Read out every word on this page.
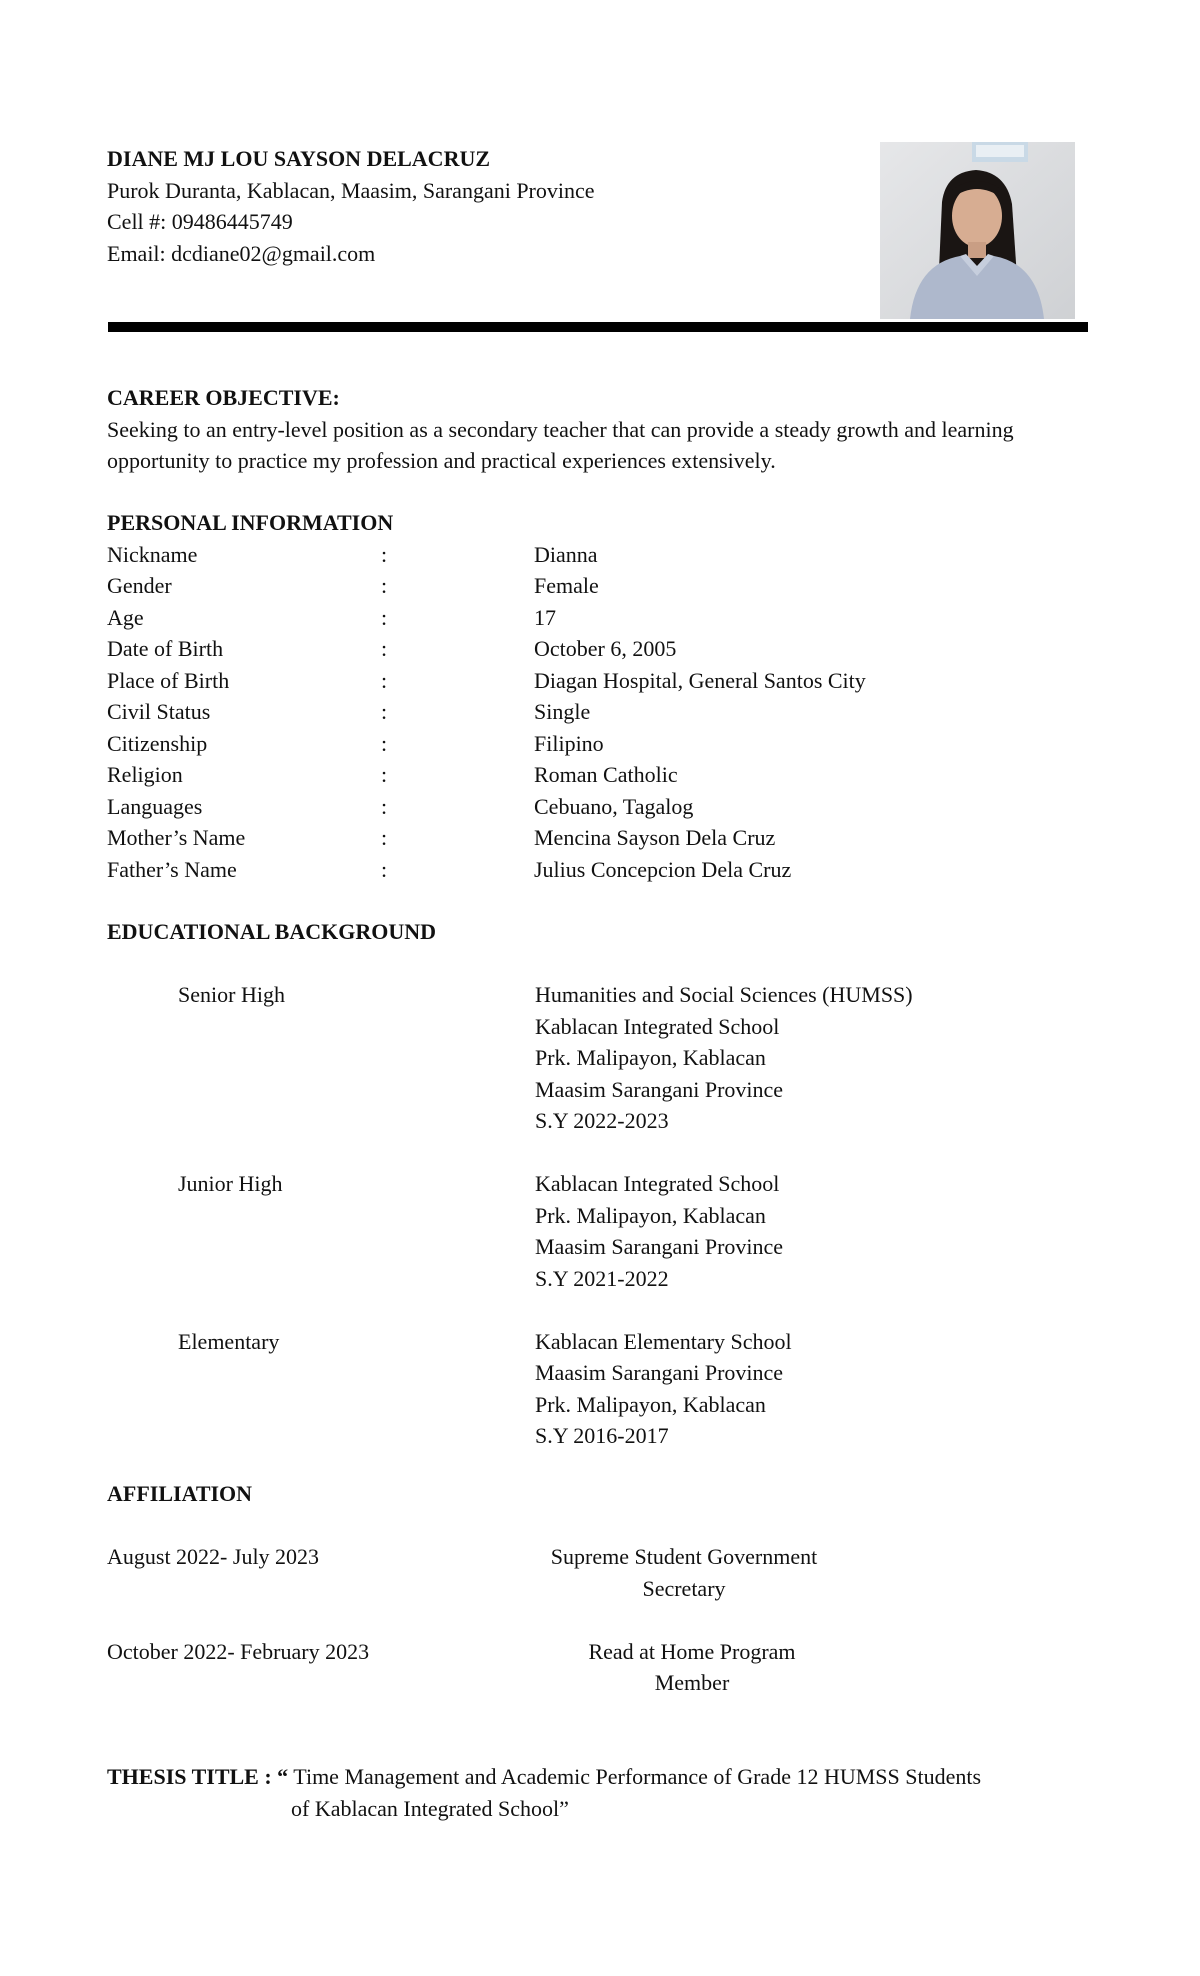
DIANE MJ LOU SAYSON DELACRUZ
Purok Duranta, Kablacan, Maasim, Sarangani Province
Cell #: 09486445749
Email: dcdiane02@gmail.com
CAREER OBJECTIVE:
Seeking to an entry-level position as a secondary teacher that can provide a steady growth and learning opportunity to practice my profession and practical experiences extensively.
PERSONAL INFORMATION
Nickname	:	Dianna
Gender	:	Female
Age	:	17
Date of Birth	:	October 6, 2005
Place of Birth	:	Diagan Hospital, General Santos City
Civil Status	:	Single
Citizenship	:	Filipino
Religion	:	Roman Catholic
Languages	:	Cebuano, Tagalog
Mother’s Name	:	Mencina Sayson Dela Cruz
Father’s Name	:	Julius Concepcion Dela Cruz
EDUCATIONAL BACKGROUND
Senior High	Humanities and Social Sciences (HUMSS)
Kablacan Integrated School
Prk. Malipayon, Kablacan
Maasim Sarangani Province
S.Y 2022-2023
Junior High	Kablacan Integrated School
Prk. Malipayon, Kablacan
Maasim Sarangani Province
S.Y 2021-2022
Elementary	Kablacan Elementary School
Maasim Sarangani Province
Prk. Malipayon, Kablacan
S.Y 2016-2017
AFFILIATION
August 2022- July 2023	Supreme Student Government
Secretary
October 2022- February 2023	Read at Home Program
Member
THESIS TITLE : “ Time Management and Academic Performance of Grade 12 HUMSS Students
of Kablacan Integrated School”
